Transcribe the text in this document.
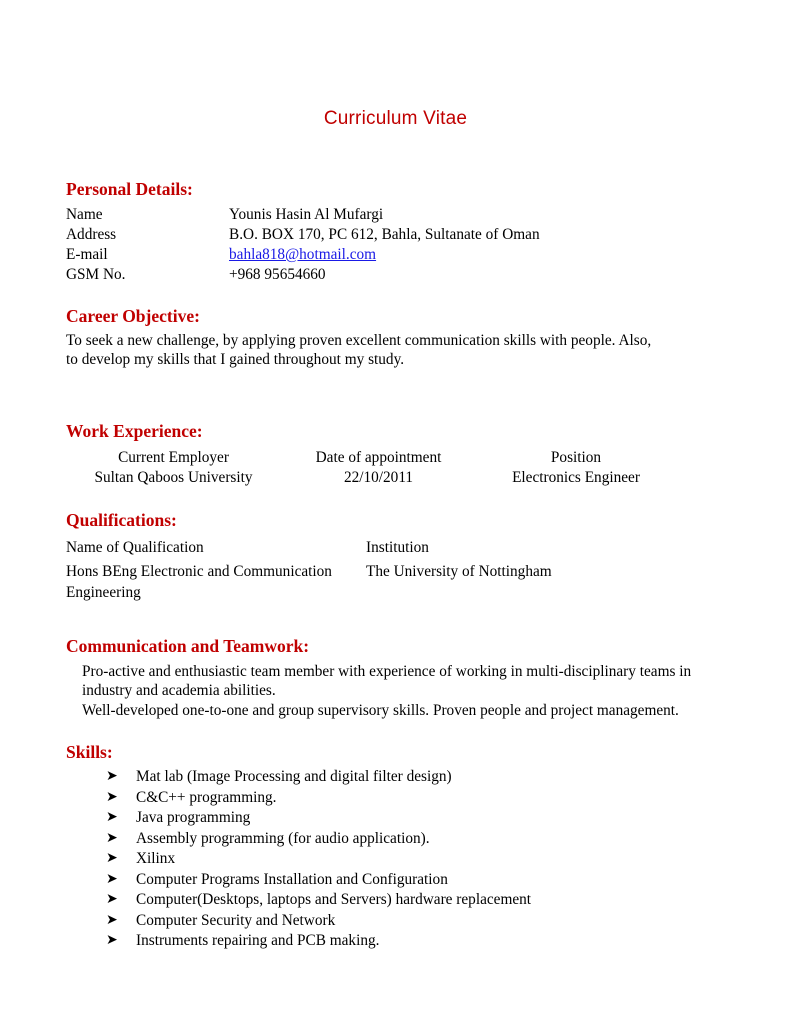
Curriculum Vitae
Personal Details:
Name	Younis Hasin Al Mufargi
Address	B.O. BOX 170, PC 612, Bahla, Sultanate of Oman
E-mail	bahla818@hotmail.com
GSM No.	+968 95654660
Career Objective:
To seek a new challenge, by applying proven excellent communication skills with people. Also,
to develop my skills that I gained throughout my study.
Work Experience:
Current Employer	Date of appointment	Position
Sultan Qaboos University	22/10/2011	Electronics Engineer
Qualifications:
Name of Qualification	Institution
Hons BEng Electronic and Communication Engineering	The University of Nottingham
Communication and Teamwork:

Pro-active and enthusiastic team member with experience of working in multi-disciplinary teams in industry and academia abilities.

Well-developed one-to-one and group supervisory skills. Proven people and project management.

Skills:
➤ Mat lab (Image Processing and digital filter design)
➤ C&C++ programming.
➤ Java programming
➤ Assembly programming (for audio application).
➤ Xilinx
➤ Computer Programs Installation and Configuration
➤ Computer(Desktops, laptops and Servers) hardware replacement
➤ Computer Security and Network
➤ Instruments repairing and PCB making.
